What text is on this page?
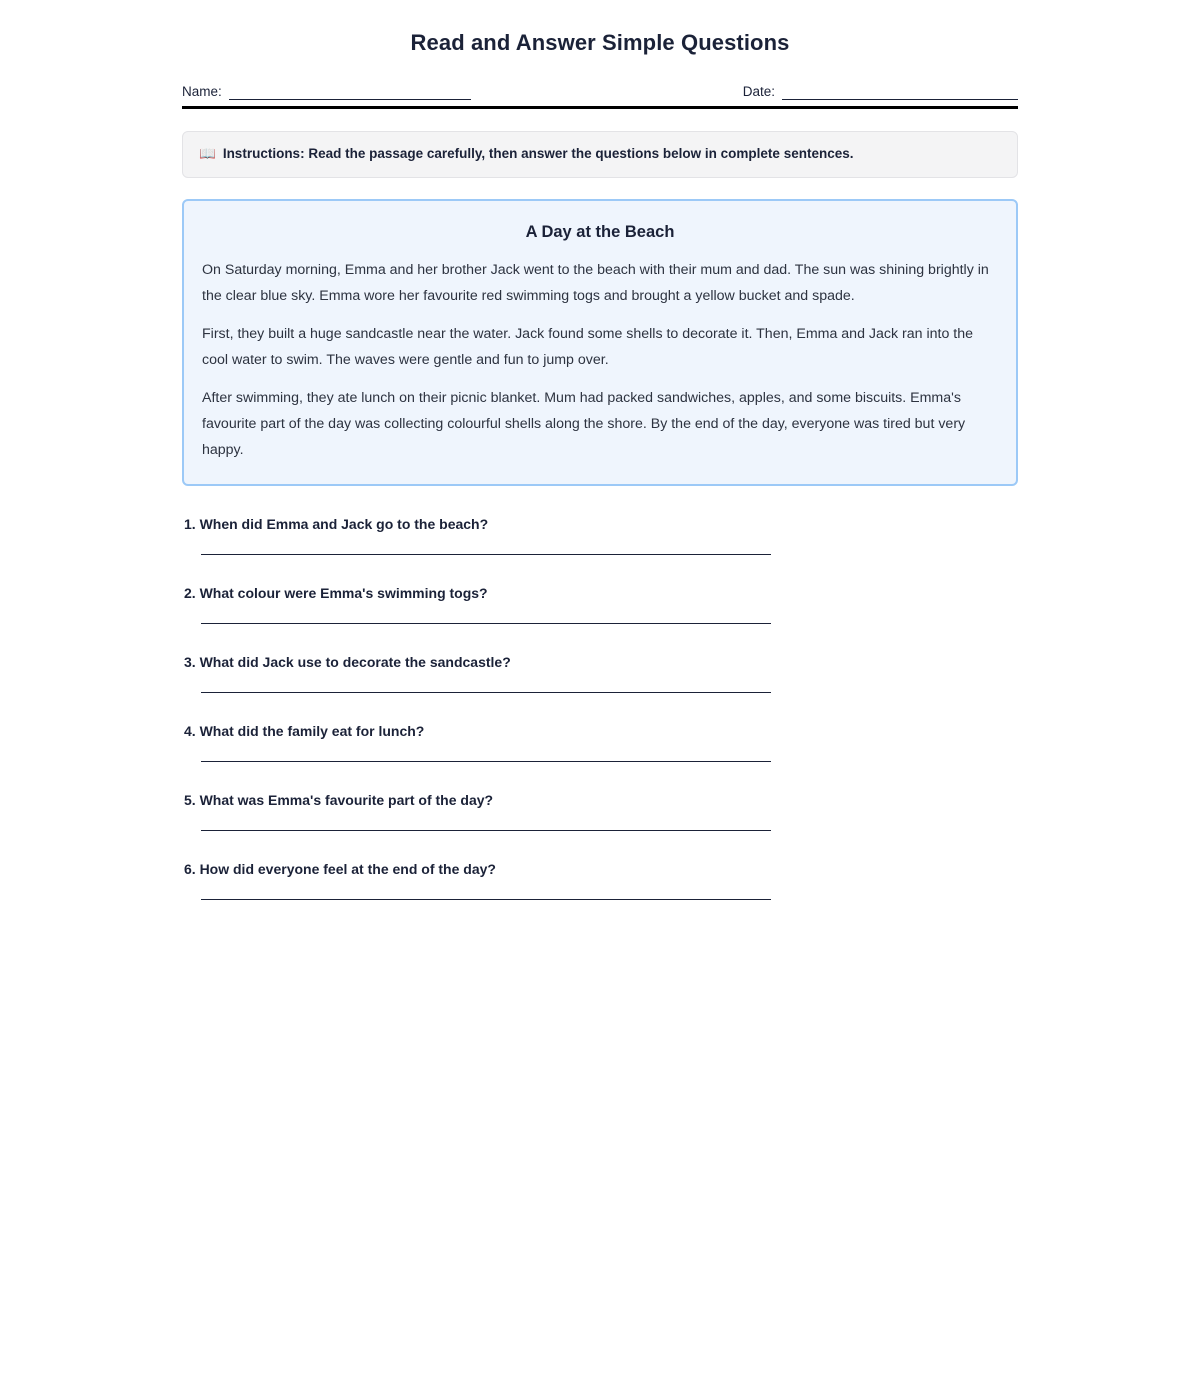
Read and Answer Simple Questions
Name:	Date:
📖 Instructions: Read the passage carefully, then answer the questions below in complete sentences.
A Day at the Beach

On Saturday morning, Emma and her brother Jack went to the beach with their mum and dad. The sun was shining brightly in the clear blue sky. Emma wore her favourite red swimming togs and brought a yellow bucket and spade.

First, they built a huge sandcastle near the water. Jack found some shells to decorate it. Then, Emma and Jack ran into the cool water to swim. The waves were gentle and fun to jump over.

After swimming, they ate lunch on their picnic blanket. Mum had packed sandwiches, apples, and some biscuits. Emma's favourite part of the day was collecting colourful shells along the shore. By the end of the day, everyone was tired but very happy.

1. When did Emma and Jack go to the beach?
2. What colour were Emma's swimming togs?
3. What did Jack use to decorate the sandcastle?
4. What did the family eat for lunch?
5. What was Emma's favourite part of the day?
6. How did everyone feel at the end of the day?
